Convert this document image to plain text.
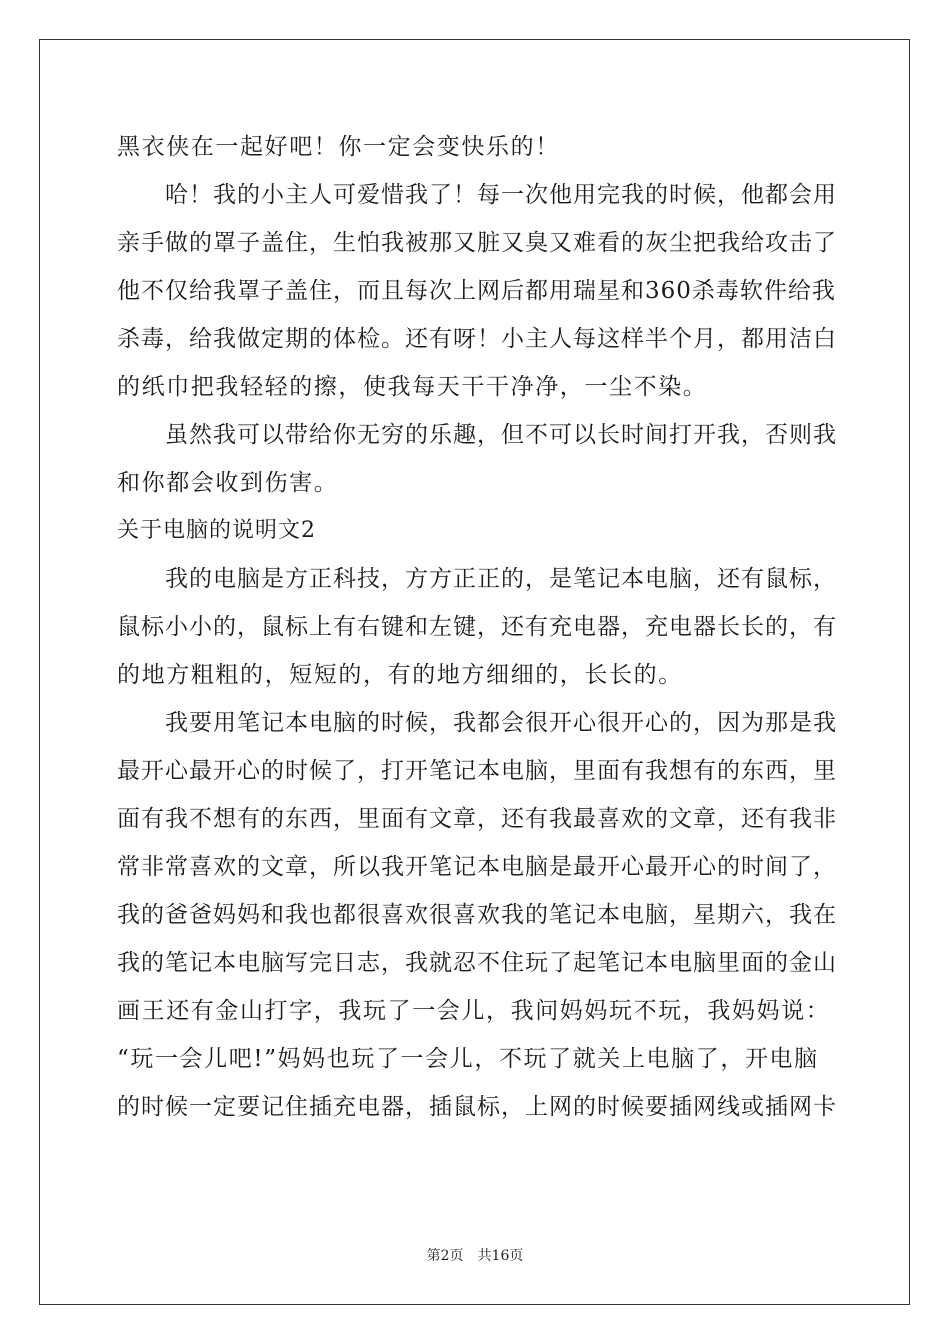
黑衣侠在一起好吧！你一定会变快乐的！
哈！我的小主人可爱惜我了！每一次他用完我的时候，他都会用
亲手做的罩子盖住，生怕我被那又脏又臭又难看的灰尘把我给攻击了
他不仅给我罩子盖住，而且每次上网后都用瑞星和360杀毒软件给我
杀毒，给我做定期的体检。还有呀！小主人每这样半个月，都用洁白
的纸巾把我轻轻的擦，使我每天干干净净，一尘不染。
虽然我可以带给你无穷的乐趣，但不可以长时间打开我，否则我
和你都会收到伤害。
关于电脑的说明文2
我的电脑是方正科技，方方正正的，是笔记本电脑，还有鼠标，
鼠标小小的，鼠标上有右键和左键，还有充电器，充电器长长的，有
的地方粗粗的，短短的，有的地方细细的，长长的。
我要用笔记本电脑的时候，我都会很开心很开心的，因为那是我
最开心最开心的时候了，打开笔记本电脑，里面有我想有的东西，里
面有我不想有的东西，里面有文章，还有我最喜欢的文章，还有我非
常非常喜欢的文章，所以我开笔记本电脑是最开心最开心的时间了，
我的爸爸妈妈和我也都很喜欢很喜欢我的笔记本电脑，星期六，我在
我的笔记本电脑写完日志，我就忍不住玩了起笔记本电脑里面的金山
画王还有金山打字，我玩了一会儿，我问妈妈玩不玩，我妈妈说：
“玩一会儿吧!”妈妈也玩了一会儿，不玩了就关上电脑了，开电脑
的时候一定要记住插充电器，插鼠标，上网的时候要插网线或插网卡
第2页 共16页
